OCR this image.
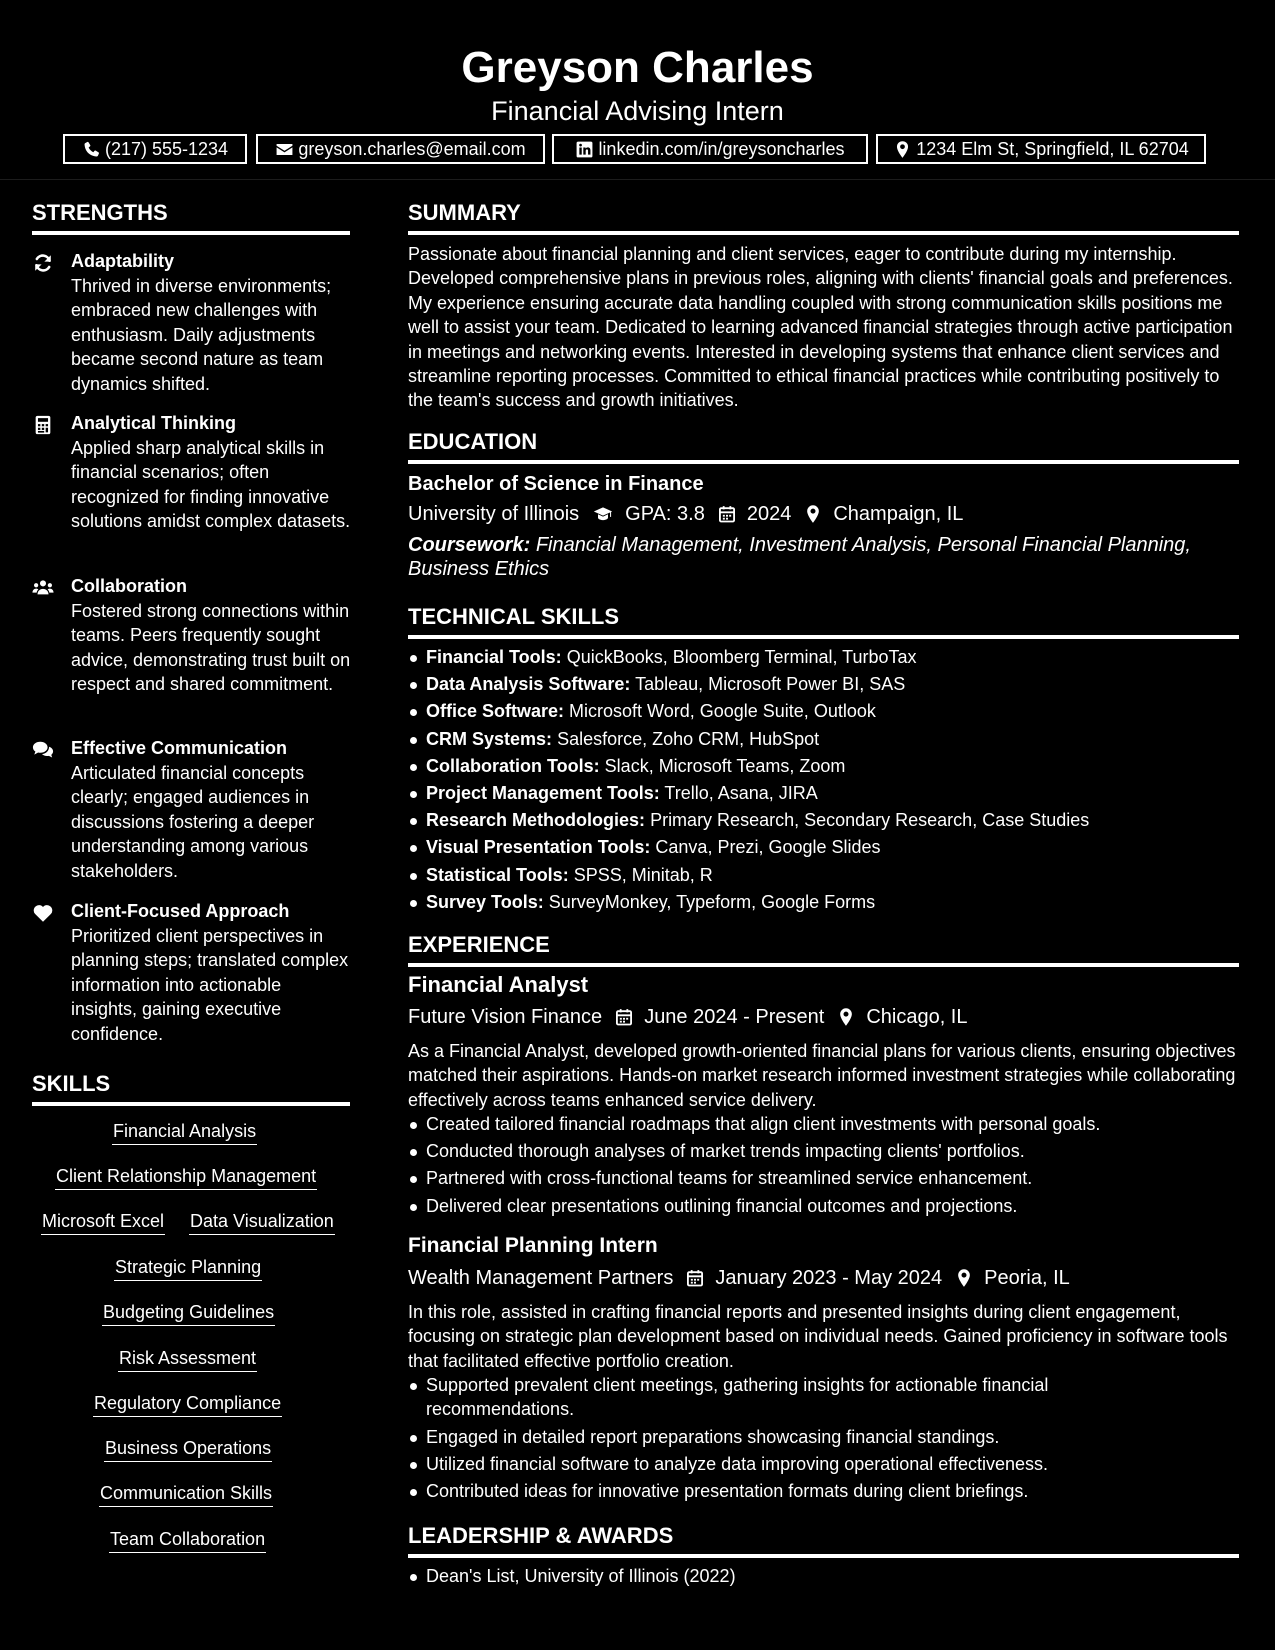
Greyson Charles
Financial Advising Intern
(217) 555-1234	greyson.charles@email.com	linkedin.com/in/greysoncharles	1234 Elm St, Springfield, IL 62704
STRENGTHS
Adaptability
Thrived in diverse environments; embraced new challenges with enthusiasm. Daily adjustments became second nature as team dynamics shifted.
Analytical Thinking
Applied sharp analytical skills in financial scenarios; often recognized for finding innovative solutions amidst complex datasets.
Collaboration
Fostered strong connections within teams. Peers frequently sought advice, demonstrating trust built on respect and shared commitment.
Effective Communication
Articulated financial concepts clearly; engaged audiences in discussions fostering a deeper understanding among various stakeholders.
Client-Focused Approach
Prioritized client perspectives in planning steps; translated complex information into actionable insights, gaining executive confidence.
SKILLS
Financial Analysis
Client Relationship Management
Microsoft Excel Data Visualization
Strategic Planning
Budgeting Guidelines
Risk Assessment
Regulatory Compliance
Business Operations
Communication Skills
Team Collaboration
SUMMARY
Passionate about financial planning and client services, eager to contribute during my internship. Developed comprehensive plans in previous roles, aligning with clients' financial goals and preferences. My experience ensuring accurate data handling coupled with strong communication skills positions me well to assist your team. Dedicated to learning advanced financial strategies through active participation in meetings and networking events. Interested in developing systems that enhance client services and streamline reporting processes. Committed to ethical financial practices while contributing positively to the team's success and growth initiatives.
EDUCATION
Bachelor of Science in Finance
University of Illinois GPA: 3.8 2024 Champaign, IL
Coursework: Financial Management, Investment Analysis, Personal Financial Planning, Business Ethics
TECHNICAL SKILLS
Financial Tools: QuickBooks, Bloomberg Terminal, TurboTax
Data Analysis Software: Tableau, Microsoft Power BI, SAS
Office Software: Microsoft Word, Google Suite, Outlook
CRM Systems: Salesforce, Zoho CRM, HubSpot
Collaboration Tools: Slack, Microsoft Teams, Zoom
Project Management Tools: Trello, Asana, JIRA
Research Methodologies: Primary Research, Secondary Research, Case Studies
Visual Presentation Tools: Canva, Prezi, Google Slides
Statistical Tools: SPSS, Minitab, R
Survey Tools: SurveyMonkey, Typeform, Google Forms
EXPERIENCE
Financial Analyst
Future Vision Finance June 2024 - Present Chicago, IL
As a Financial Analyst, developed growth-oriented financial plans for various clients, ensuring objectives matched their aspirations. Hands-on market research informed investment strategies while collaborating effectively across teams enhanced service delivery.
Created tailored financial roadmaps that align client investments with personal goals.
Conducted thorough analyses of market trends impacting clients' portfolios.
Partnered with cross-functional teams for streamlined service enhancement.
Delivered clear presentations outlining financial outcomes and projections.
Financial Planning Intern
Wealth Management Partners January 2023 - May 2024 Peoria, IL
In this role, assisted in crafting financial reports and presented insights during client engagement, focusing on strategic plan development based on individual needs. Gained proficiency in software tools that facilitated effective portfolio creation.
Supported prevalent client meetings, gathering insights for actionable financial recommendations.
Engaged in detailed report preparations showcasing financial standings.
Utilized financial software to analyze data improving operational effectiveness.
Contributed ideas for innovative presentation formats during client briefings.
LEADERSHIP & AWARDS
Dean's List, University of Illinois (2022)
